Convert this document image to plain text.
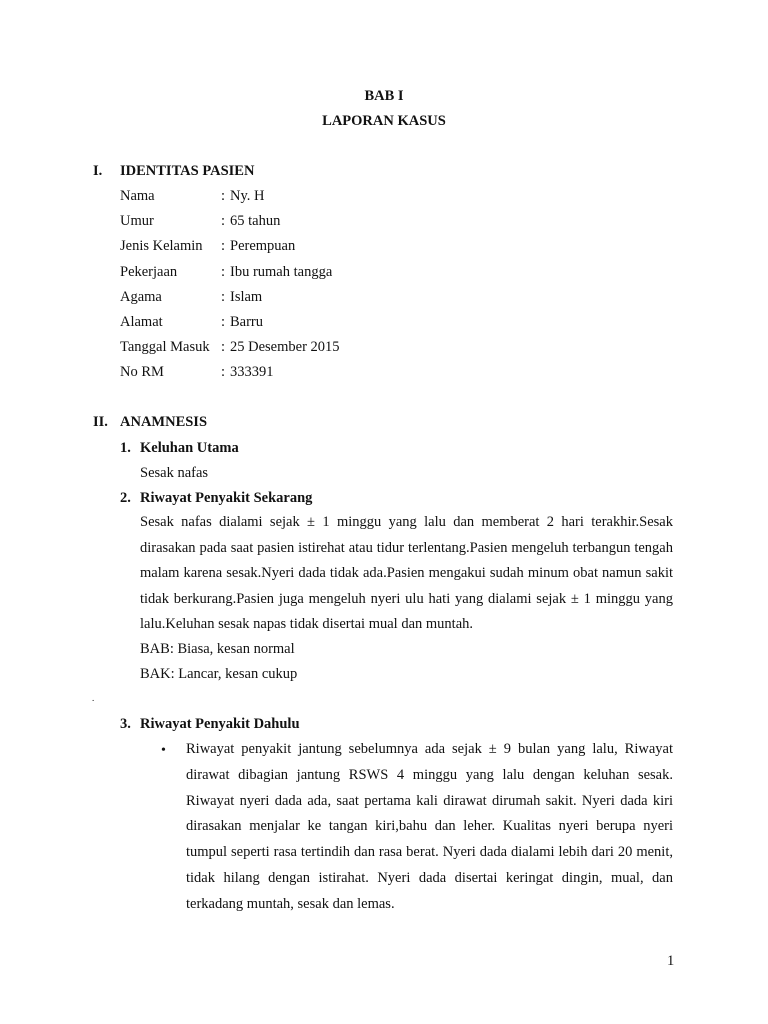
BAB I
LAPORAN KASUS
I. IDENTITAS PASIEN
Nama	: Ny. H
Umur	: 65 tahun
Jenis Kelamin : Perempuan
Pekerjaan	: Ibu rumah tangga
Agama	: Islam
Alamat	: Barru
Tanggal Masuk : 25 Desember 2015
No RM	: 333391
II. ANAMNESIS
1. Keluhan Utama
Sesak nafas
2. Riwayat Penyakit Sekarang
Sesak nafas dialami sejak ± 1 minggu yang lalu dan memberat 2 hari terakhir.Sesak dirasakan pada saat pasien istirehat atau tidur terlentang.Pasien mengeluh terbangun tengah malam karena sesak.Nyeri dada tidak ada.Pasien mengakui sudah minum obat namun sakit tidak berkurang.Pasien juga mengeluh nyeri ulu hati yang dialami sejak ± 1 minggu yang lalu.Keluhan sesak napas tidak disertai mual dan muntah.
BAB: Biasa, kesan normal
BAK: Lancar, kesan cukup
.
3. Riwayat Penyakit Dahulu
• Riwayat penyakit jantung sebelumnya ada sejak ± 9 bulan yang lalu, Riwayat dirawat dibagian jantung RSWS 4 minggu yang lalu dengan keluhan sesak. Riwayat nyeri dada ada, saat pertama kali dirawat dirumah sakit. Nyeri dada kiri dirasakan menjalar ke tangan kiri,bahu dan leher. Kualitas nyeri berupa nyeri tumpul seperti rasa tertindih dan rasa berat. Nyeri dada dialami lebih dari 20 menit, tidak hilang dengan istirahat. Nyeri dada disertai keringat dingin, mual, dan terkadang muntah, sesak dan lemas.
1
